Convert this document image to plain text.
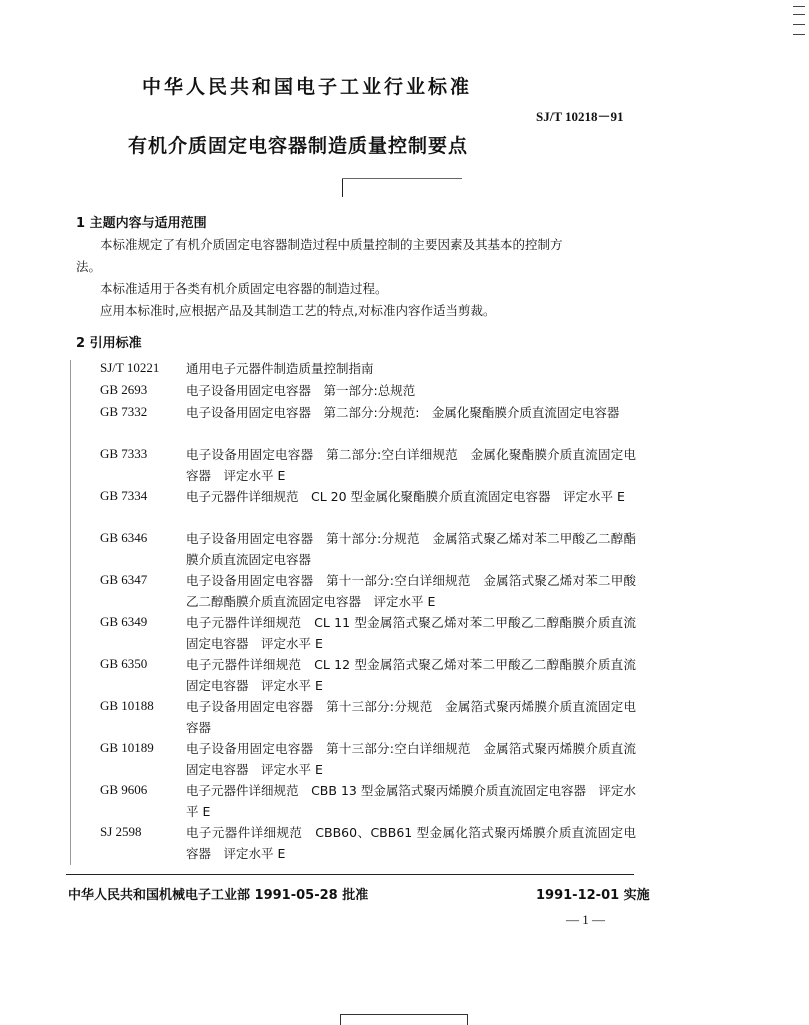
中华人民共和国电子工业行业标准
SJ/T 10218－91
有机介质固定电容器制造质量控制要点
1 主题内容与适用范围
本标准规定了有机介质固定电容器制造过程中质量控制的主要因素及其基本的控制方
法。
本标准适用于各类有机介质固定电容器的制造过程。
应用本标准时,应根据产品及其制造工艺的特点,对标准内容作适当剪裁。
2 引用标准
SJ/T 10221 通用电子元器件制造质量控制指南
GB 2693	电子设备用固定电容器　第一部分:总规范
GB 7332	电子设备用固定电容器　第二部分:分规范:　金属化聚酯膜介质直流固定电容器
GB 7333	电子设备用固定电容器　第二部分:空白详细规范　金属化聚酯膜介质直流固定电容器　评定水平 E
GB 7334	电子元器件详细规范　CL 20 型金属化聚酯膜介质直流固定电容器　评定水平 E
GB 6346	电子设备用固定电容器　第十部分:分规范　金属箔式聚乙烯对苯二甲酸乙二醇酯膜介质直流固定电容器
GB 6347	电子设备用固定电容器　第十一部分:空白详细规范　金属箔式聚乙烯对苯二甲酸乙二醇酯膜介质直流固定电容器　评定水平 E
GB 6349	电子元器件详细规范　CL 11 型金属箔式聚乙烯对苯二甲酸乙二醇酯膜介质直流固定电容器　评定水平 E
GB 6350	电子元器件详细规范　CL 12 型金属箔式聚乙烯对苯二甲酸乙二醇酯膜介质直流固定电容器　评定水平 E
GB 10188	电子设备用固定电容器　第十三部分:分规范　金属箔式聚丙烯膜介质直流固定电容器
GB 10189	电子设备用固定电容器　第十三部分:空白详细规范　金属箔式聚丙烯膜介质直流固定电容器　评定水平 E
GB 9606	电子元器件详细规范　CBB 13 型金属箔式聚丙烯膜介质直流固定电容器　评定水平 E
SJ 2598	电子元器件详细规范　CBB60、CBB61 型金属化箔式聚丙烯膜介质直流固定电容器　评定水平 E
中华人民共和国机械电子工业部 1991-05-28 批准	1991-12-01 实施
— 1 —
